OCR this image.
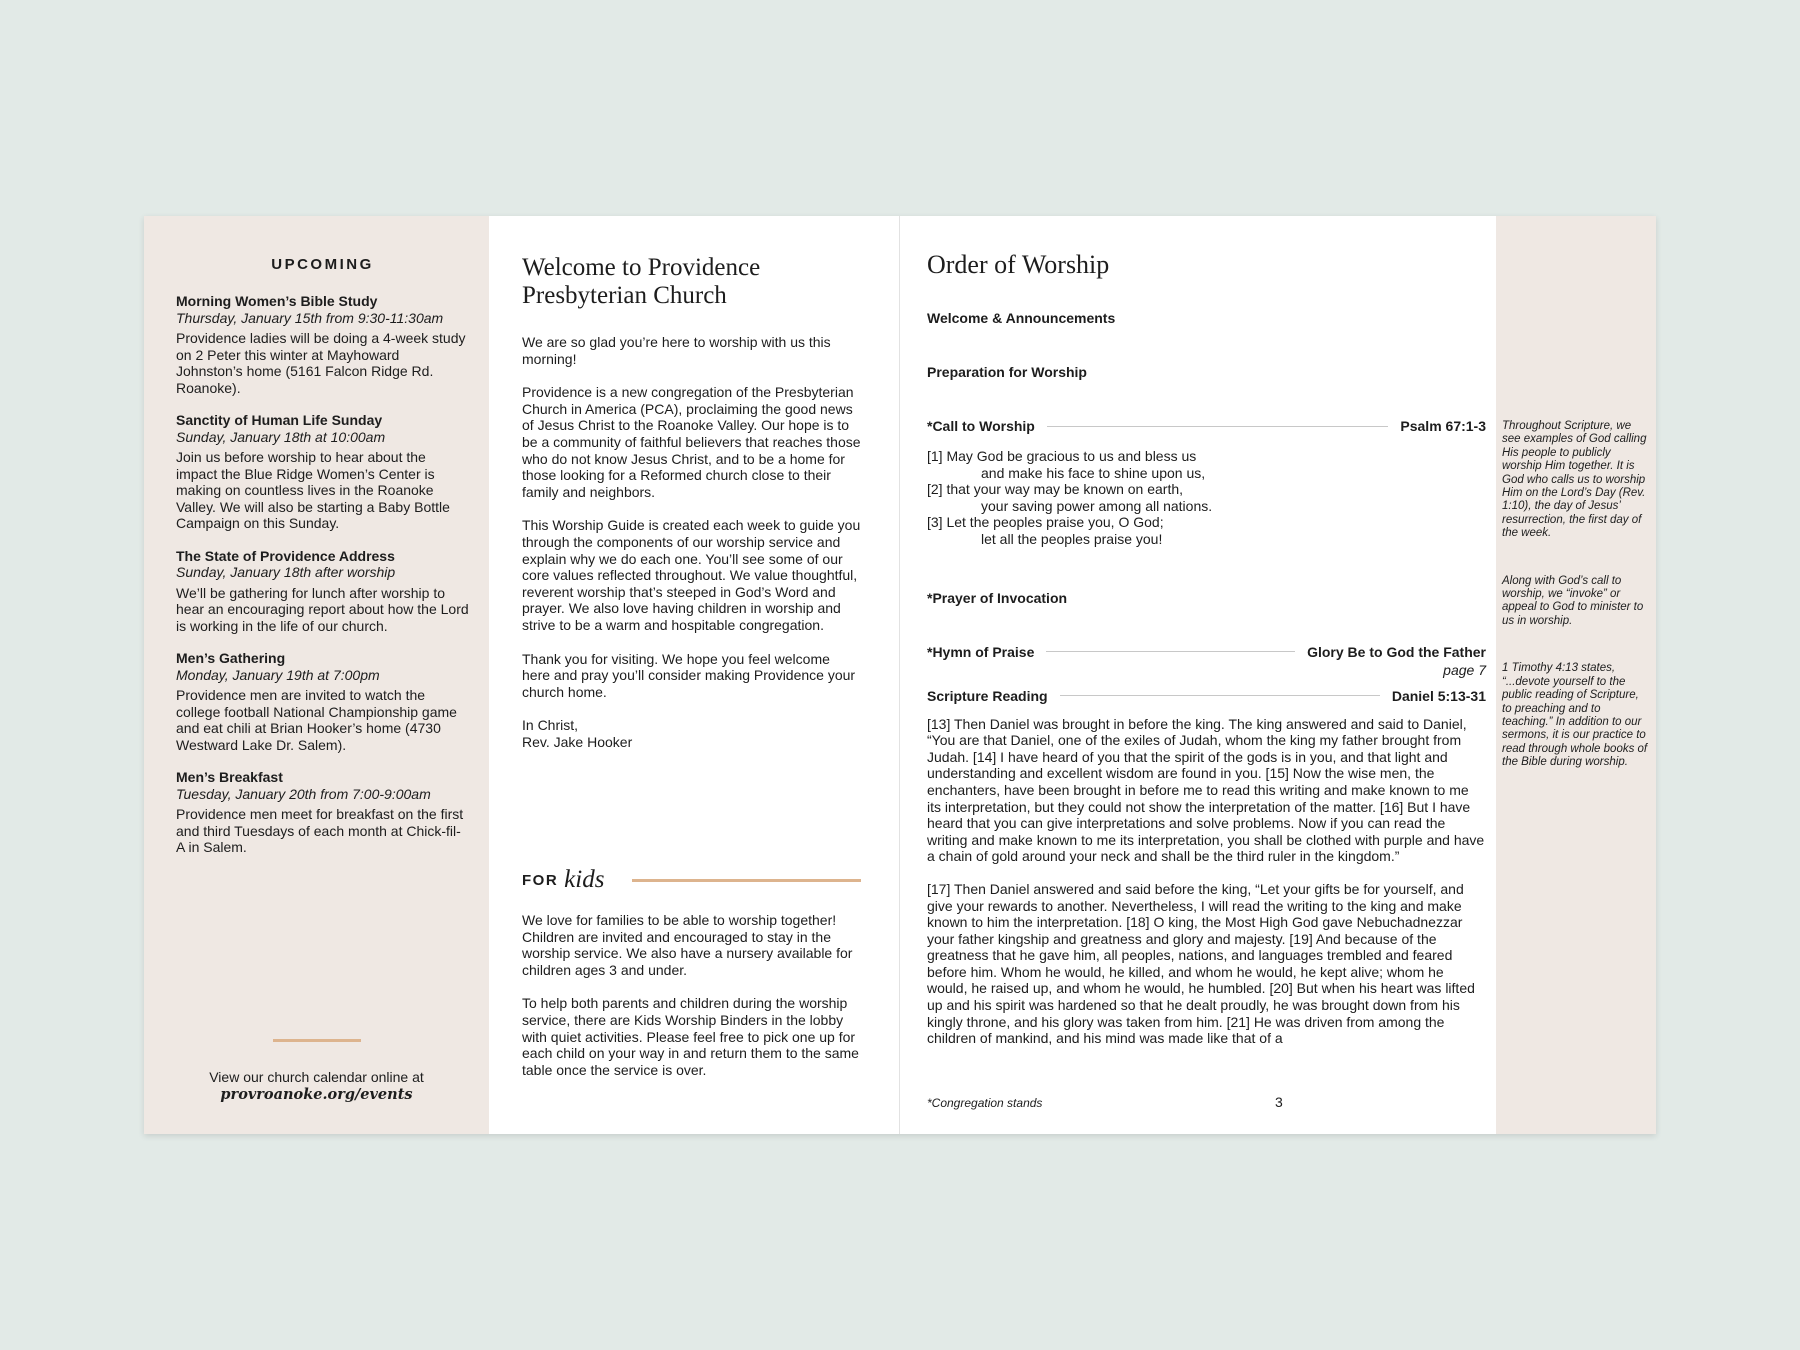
UPCOMING
Morning Women’s Bible Study
Thursday, January 15th from 9:30-11:30am
Providence ladies will be doing a 4-week study on 2 Peter this winter at Mayhoward Johnston’s home (5161 Falcon Ridge Rd. Roanoke).
Sanctity of Human Life Sunday
Sunday, January 18th at 10:00am
Join us before worship to hear about the impact the Blue Ridge Women’s Center is making on countless lives in the Roanoke Valley. We will also be starting a Baby Bottle Campaign on this Sunday.
The State of Providence Address
Sunday, January 18th after worship
We’ll be gathering for lunch after worship to hear an encouraging report about how the Lord is working in the life of our church.
Men’s Gathering
Monday, January 19th at 7:00pm
Providence men are invited to watch the college football National Championship game and eat chili at Brian Hooker’s home (4730 Westward Lake Dr. Salem).
Men’s Breakfast
Tuesday, January 20th from 7:00-9:00am
Providence men meet for breakfast on the first and third Tuesdays of each month at Chick-fil-A in Salem.
View our church calendar online at
provroanoke.org/events
Welcome to Providence
Presbyterian Church

We are so glad you’re here to worship with us this morning!

Providence is a new congregation of the Presbyterian Church in America (PCA), proclaiming the good news of Jesus Christ to the Roanoke Valley. Our hope is to be a community of faithful believers that reaches those who do not know Jesus Christ, and to be a home for those looking for a Reformed church close to their family and neighbors.

This Worship Guide is created each week to guide you through the components of our worship service and explain why we do each one. You’ll see some of our core values reflected throughout. We value thoughtful, reverent worship that’s steeped in God’s Word and prayer. We also love having children in worship and strive to be a warm and hospitable congregation.

Thank you for visiting. We hope you feel welcome here and pray you’ll consider making Providence your church home.

In Christ,
Rev. Jake Hooker

FOR kids

We love for families to be able to worship together! Children are invited and encouraged to stay in the worship service. We also have a nursery available for children ages 3 and under.

To help both parents and children during the worship service, there are Kids Worship Binders in the lobby with quiet activities. Please feel free to pick one up for each child on your way in and return them to the same table once the service is over.

Order of Worship
Welcome & Announcements
Preparation for Worship
*Call to Worship	Psalm 67:1-3
[1] May God be gracious to us and bless us
and make his face to shine upon us,
[2] that your way may be known on earth,
your saving power among all nations.
[3] Let the peoples praise you, O God;
let all the peoples praise you!
*Prayer of Invocation
*Hymn of Praise	Glory Be to God the Father
page 7
Scripture Reading	Daniel 5:13-31

[13] Then Daniel was brought in before the king. The king answered and said to Daniel, “You are that Daniel, one of the exiles of Judah, whom the king my father brought from Judah. [14] I have heard of you that the spirit of the gods is in you, and that light and understanding and excellent wisdom are found in you. [15] Now the wise men, the enchanters, have been brought in before me to read this writing and make known to me its interpretation, but they could not show the interpretation of the matter. [16] But I have heard that you can give interpretations and solve problems. Now if you can read the writing and make known to me its interpretation, you shall be clothed with purple and have a chain of gold around your neck and shall be the third ruler in the kingdom.”

[17] Then Daniel answered and said before the king, “Let your gifts be for yourself, and give your rewards to another. Nevertheless, I will read the writing to the king and make known to him the interpretation. [18] O king, the Most High God gave Nebuchadnezzar your father kingship and greatness and glory and majesty. [19] And because of the greatness that he gave him, all peoples, nations, and languages trembled and feared before him. Whom he would, he killed, and whom he would, he kept alive; whom he would, he raised up, and whom he would, he humbled. [20] But when his heart was lifted up and his spirit was hardened so that he dealt proudly, he was brought down from his kingly throne, and his glory was taken from him. [21] He was driven from among the children of mankind, and his mind was made like that of a

*Congregation stands	3
Throughout Scripture, we see examples of God calling His people to publicly worship Him together. It is God who calls us to worship Him on the Lord’s Day (Rev. 1:10), the day of Jesus’ resurrection, the first day of the week.
Along with God’s call to worship, we “invoke” or appeal to God to minister to us in worship.
1 Timothy 4:13 states, “...devote yourself to the public reading of Scripture, to preaching and to teaching.” In addition to our sermons, it is our practice to read through whole books of the Bible during worship.
